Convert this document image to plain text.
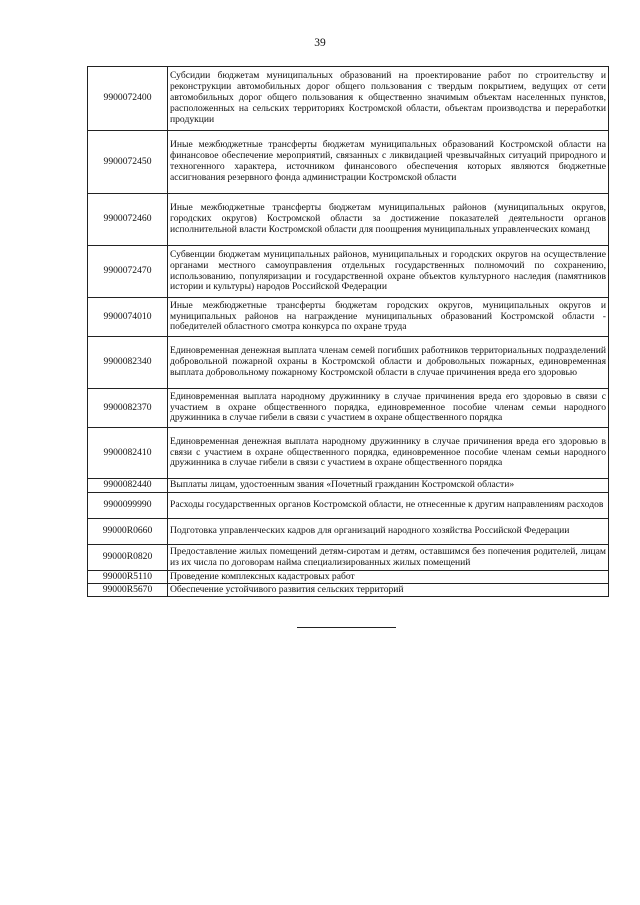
39
9900072400	Субсидии бюджетам муниципальных образований на проектирование работ по строительству и реконструкции автомобильных дорог общего пользования с твердым покрытием, ведущих от сети автомобильных дорог общего пользования к общественно значимым объектам населенных пунктов, расположенных на сельских территориях Костромской области, объектам производства и переработки продукции
9900072450	Иные межбюджетные трансферты бюджетам муниципальных образований Костромской области на финансовое обеспечение мероприятий, связанных с ликвидацией чрезвычайных ситуаций природного и техногенного характера, источником финансового обеспечения которых являются бюджетные ассигнования резервного фонда администрации Костромской области
9900072460	Иные межбюджетные трансферты бюджетам муниципальных районов (муниципальных округов, городских округов) Костромской области за достижение показателей деятельности органов исполнительной власти Костромской области для поощрения муниципальных управленческих команд
9900072470	Субвенции бюджетам муниципальных районов, муниципальных и городских округов на осуществление органами местного самоуправления отдельных государственных полномочий по сохранению, использованию, популяризации и государственной охране объектов культурного наследия (памятников истории и культуры) народов Российской Федерации
9900074010	Иные межбюджетные трансферты бюджетам городских округов, муниципальных округов и муниципальных районов на награждение муниципальных образований Костромской области - победителей областного смотра конкурса по охране труда
9900082340	Единовременная денежная выплата членам семей погибших работников территориальных подразделений добровольной пожарной охраны в Костромской области и добровольных пожарных, единовременная выплата добровольному пожарному Костромской области в случае причинения вреда его здоровью
9900082370	Единовременная выплата народному дружиннику в случае причинения вреда его здоровью в связи с участием в охране общественного порядка, единовременное пособие членам семьи народного дружинника в случае гибели в связи с участием в охране общественного порядка
9900082410	Единовременная денежная выплата народному дружиннику в случае причинения вреда его здоровью в связи с участием в охране общественного порядка, единовременное пособие членам семьи народного дружинника в случае гибели в связи с участием в охране общественного порядка
9900082440	Выплаты лицам, удостоенным звания «Почетный гражданин Костромской области»
9900099990	Расходы государственных органов Костромской области, не отнесенные к другим направлениям расходов
99000R0660	Подготовка управленческих кадров для организаций народного хозяйства Российской Федерации
99000R0820	Предоставление жилых помещений детям-сиротам и детям, оставшимся без попечения родителей, лицам из их числа по договорам найма специализированных жилых помещений
99000R5110	Проведение комплексных кадастровых работ
99000R5670	Обеспечение устойчивого развития сельских территорий
